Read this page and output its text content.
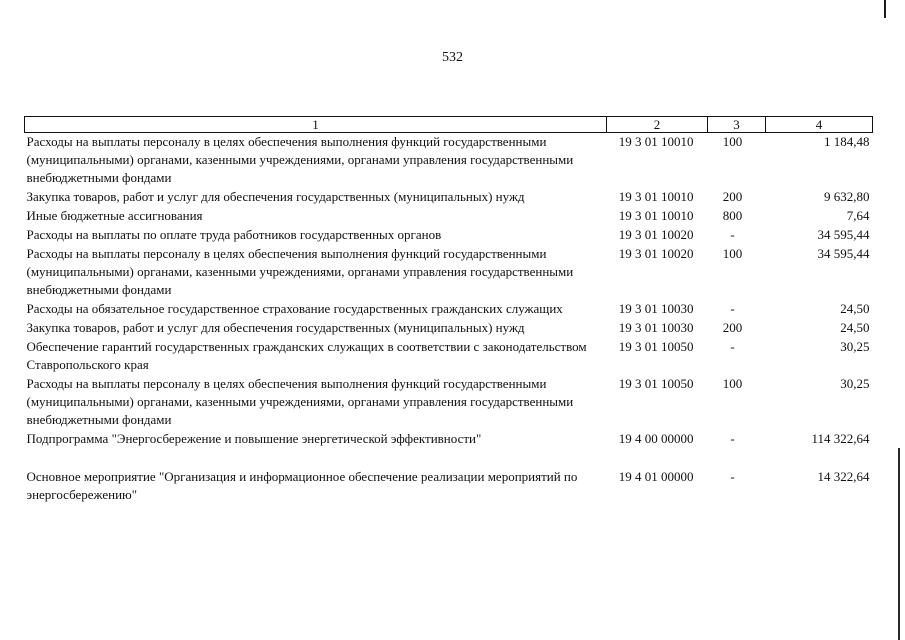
532
1	2	3	4
Расходы на выплаты персоналу в целях обеспечения выполнения функций государственными (муниципальными) органами, казенными учреждениями, органами управления государственными внебюджетными фондами	19 3 01 10010	100	1 184,48
Закупка товаров, работ и услуг для обеспечения государственных (муниципальных) нужд	19 3 01 10010	200	9 632,80
Иные бюджетные ассигнования	19 3 01 10010	800	7,64
Расходы на выплаты по оплате труда работников государственных органов	19 3 01 10020	-	34 595,44
Расходы на выплаты персоналу в целях обеспечения выполнения функций государственными (муниципальными) органами, казенными учреждениями, органами управления государственными внебюджетными фондами	19 3 01 10020	100	34 595,44
Расходы на обязательное государственное страхование государственных гражданских служащих	19 3 01 10030	-	24,50
Закупка товаров, работ и услуг для обеспечения государственных (муниципальных) нужд	19 3 01 10030	200	24,50
Обеспечение гарантий государственных гражданских служащих в соответствии с законодательством Ставропольского края	19 3 01 10050	-	30,25
Расходы на выплаты персоналу в целях обеспечения выполнения функций государственными (муниципальными) органами, казенными учреждениями, органами управления государственными внебюджетными фондами	19 3 01 10050	100	30,25
Подпрограмма "Энергосбережение и повышение энергетической эффективности"	19 4 00 00000	-	114 322,64
Основное мероприятие "Организация и информационное обеспечение реализации мероприятий по энергосбережению"	19 4 01 00000	-	14 322,64
